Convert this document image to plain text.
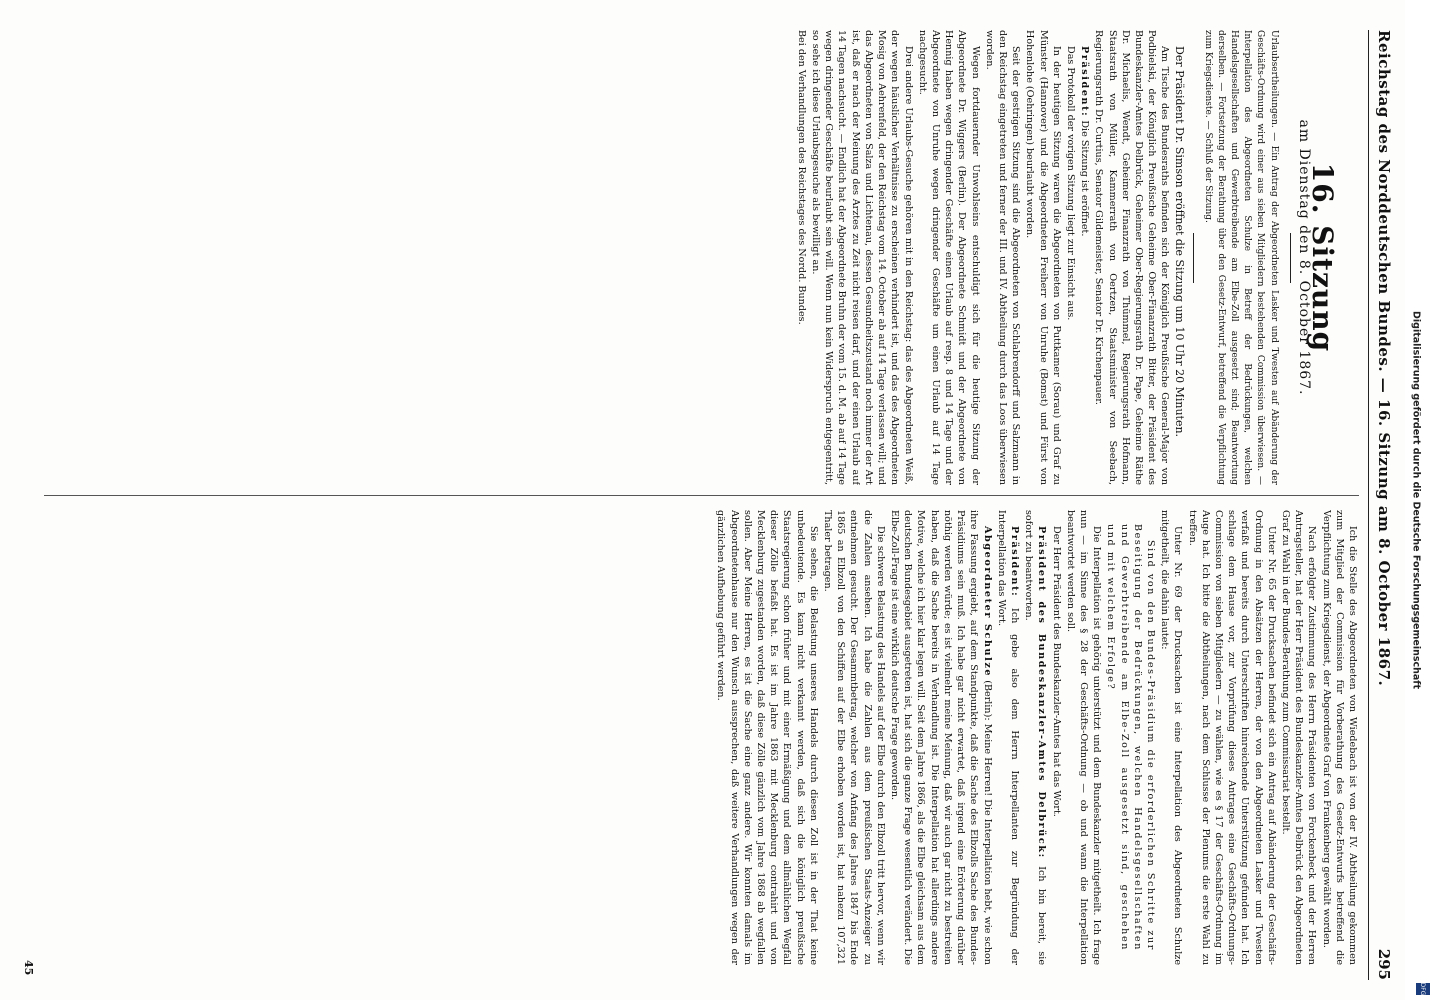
Reichstag des Norddeutschen Bundes. — 16. Sitzung am 8. October 1867.
295
16. Sitzung
am Dienstag den 8. October 1867.

Urlaubsertheilungen. — Ein Antrag der Abgeordneten Lasker und Twesten auf Abänderung der Geschäfts-Ordnung wird einer aus sieben Mitgliedern bestehenden Commission überwiesen. — Interpellation des Abgeordneten Schulze in Betreff der Bedrückungen, welchen Handelsgesellschaften und Gewerbtreibende am Elbe-Zoll ausgesetzt sind; Beantwortung derselben. — Fortsetzung der Berathung über den Gesetz-Entwurf, betreffend die Verpflichtung zum Kriegsdienste. — Schluß der Sitzung.

Der Präsident Dr. Simson eröffnet die Sitzung um 10 Uhr 20 Minuten.

Am Tische des Bundesraths befinden sich der Königlich Preußische General-Major von Podbielski, der Königlich Preußische Geheime Ober-Finanzrath Bitter, der Präsident des Bundeskanzler-Amtes Delbrück, Geheimer Ober-Regierungsrath Dr. Pape, Geheime Räthe Dr. Michaelis, Wendt, Geheimer Finanzrath von Thümmel, Regierungsrath Hofmann, Staatsrath von Müller, Kammerrath von Oertzen, Staatsminister von Seebach, Regierungsrath Dr. Curtius, Senator Gildemeister, Senator Dr. Kirchenpauer.

Präsident: Die Sitzung ist eröffnet.

Das Protokoll der vorigen Sitzung liegt zur Einsicht aus.

In der heutigen Sitzung waren die Abgeordneten von Puttkamer (Sorau) und Graf zu Münster (Hannover) und die Abgeordneten Freiherr von Unruhe (Bomst) und Fürst von Hohenlohe (Oehringen) beurlaubt worden.

Seit der gestrigen Sitzung sind die Abgeordneten von Schlabrendorff und Salzmann in den Reichstag eingetreten und ferner der III. und IV. Abtheilung durch das Loos überwiesen worden.

Wegen fortdauernder Unwohlseins entschuldigt sich für die heutige Sitzung der Abgeordnete Dr. Wiggers (Berlin). Der Abgeordnete Schmidt und der Abgeordnete von Hennig haben wegen dringender Geschäfte einen Urlaub auf resp. 8 und 14 Tage und der Abgeordnete von Unruhe wegen dringender Geschäfte um einen Urlaub auf 14 Tage nachgesucht.

Drei andere Urlaubs-Gesuche gehören mit in den Reichstag: das des Abgeordneten Weiß, der wegen häuslicher Verhältnisse zu erscheinen verhindert ist, und das des Abgeordneten Mosig von Aehrenfeld, der den Reichstag vom 14. October ab auf 14 Tage verlassen will; und das Abgeordneten von Salza und Lichtenau, dessen Gesundheitszustand noch immer der Art ist, daß er nach der Meinung des Arztes zu Zeit nicht reisen darf, und der einen Urlaub auf 14 Tagen nachsucht. — Endlich hat der Abgeordnete Bruhn der vom 15. d. M. ab auf 14 Tage wegen dringender Geschäfte beurlaubt sein will. Wenn nun kein Widerspruch entgegentritt, so sehe ich diese Urlaubsgesuche als bewilligt an.

Bei den Verhandlungen des Reichstages des Nordd. Bundes.

Ich die Stelle des Abgeordneten von Wiedebach ist von der IV. Abtheilung gekommen zum Mitglied der Commission für Vorberathung des Gesetz-Entwurfs betreffend die Verpflichtung zum Kriegsdienst, der Abgeordnete Graf von Frankenberg gewählt worden.

Nach erfolgter Zustimmung des Herrn Präsidenten von Forckenbeck und der Herren Antragsteller, hat der Herr Präsident des Bundeskanzler-Amtes Delbrück den Abgeordneten Graf zu Wahl in der Bundes-Berathung zum Commissariat bestellt.

Unter Nr. 65 der Drucksachen befindet sich ein Antrag auf Abänderung der Geschäfts-Ordnung in den Absätzen der Herren, der von den Abgeordneten Lasker und Twesten verfaßt und bereits durch Unterschriften hinreichende Unterstützung gefunden hat. Ich schlage dem Hause vor, zur Vorprüfung dieses Antrages eine Geschäfts-Ordnungs-Commission von sieben Mitgliedern — zu wählen, wie es § 17 der Geschäfts-Ordnung im Auge hat. Ich bitte die Abtheilungen, nach dem Schlusse der Plenums die erste Wahl zu treffen.

Unter Nr. 69 der Drucksachen ist eine Interpellation des Abgeordneten Schulze mitgetheilt, die dahin lautet:

Sind von den Bundes-Präsidium die erforderlichen Schritte zur Beseitigung der Bedrückungen, welchen Handelsgesellschaften und Gewerbtreibende am Elbe-Zoll ausgesetzt sind, geschehen und mit welchem Erfolge?

Die Interpellation ist gehörig unterstützt und dem Bundeskanzler mitgetheilt. Ich frage nun — im Sinne des § 28 der Geschäfts-Ordnung — ob und wann die Interpellation beantwortet werden soll.

Der Herr Präsident des Bundeskanzler-Amtes hat das Wort.

Präsident des Bundeskanzler-Amtes Delbrück: Ich bin bereit, sie sofort zu beantworten.

Präsident: Ich gebe also dem Herrn Interpellanten zur Begründung der Interpellation das Wort.

Abgeordneter Schulze (Berlin): Meine Herren! Die Interpellation hebt, wie schon ihre Fassung ergiebt, auf dem Standpunkte, daß die Sache des Elbzolls Sache des Bundes-Präsidiums sein muß. Ich habe gar nicht erwartet, daß irgend eine Erörterung darüber nöthig werden würde; es ist vielmehr meine Meinung, daß wir auch gar nicht zu bestreiten haben, daß die Sache bereits in Verhandlung ist. Die Interpellation hat allerdings andere Motive, welche ich hier klar legen will. Seit dem Jahre 1866, als die Elbe gleichsam aus dem deutschen Bundesgebiet ausgetreten ist, hat sich die ganze Frage wesentlich verändert. Die Elbe-Zoll-Frage ist eine wirklich deutsche Frage geworden.

Die schwere Belastung des Handels auf der Elbe durch den Elbzoll tritt hervor, wenn wir die Zahlen ansehen. Ich habe die Zahlen aus dem preußischen Staats-Anzeiger zu entnehmen gesucht. Der Gesammtbetrag, welcher von Anfang des Jahres 1847 bis Ende 1865 an Elbzoll von den Schiffen auf der Elbe erhoben worden ist, hat nahezu 107,321 Thaler betragen.

Sie sehen, die Belastung unseres Handels durch diesen Zoll ist in der That keine unbedeutende. Es kann nicht verkannt werden, daß sich die königlich preußische Staatsregierung schon früher und mit einer Ermäßigung und dem allmählichen Wegfall dieser Zölle befaßt hat. Es ist im Jahre 1863 mit Mecklenburg contrahirt und von Mecklenburg zugestanden worden, daß diese Zölle gänzlich vom Jahre 1868 ab wegfallen sollen. Aber Meine Herren, es ist die Sache eine ganz andere. Wir konnten damals im Abgeordnetenhause nur den Wunsch aussprechen, daß weitere Verhandlungen wegen der gänzlichen Aufhebung geführt werden.

45
Digitalisierung gefördert durch die Deutsche Forschungsgemeinschaft
DFG
